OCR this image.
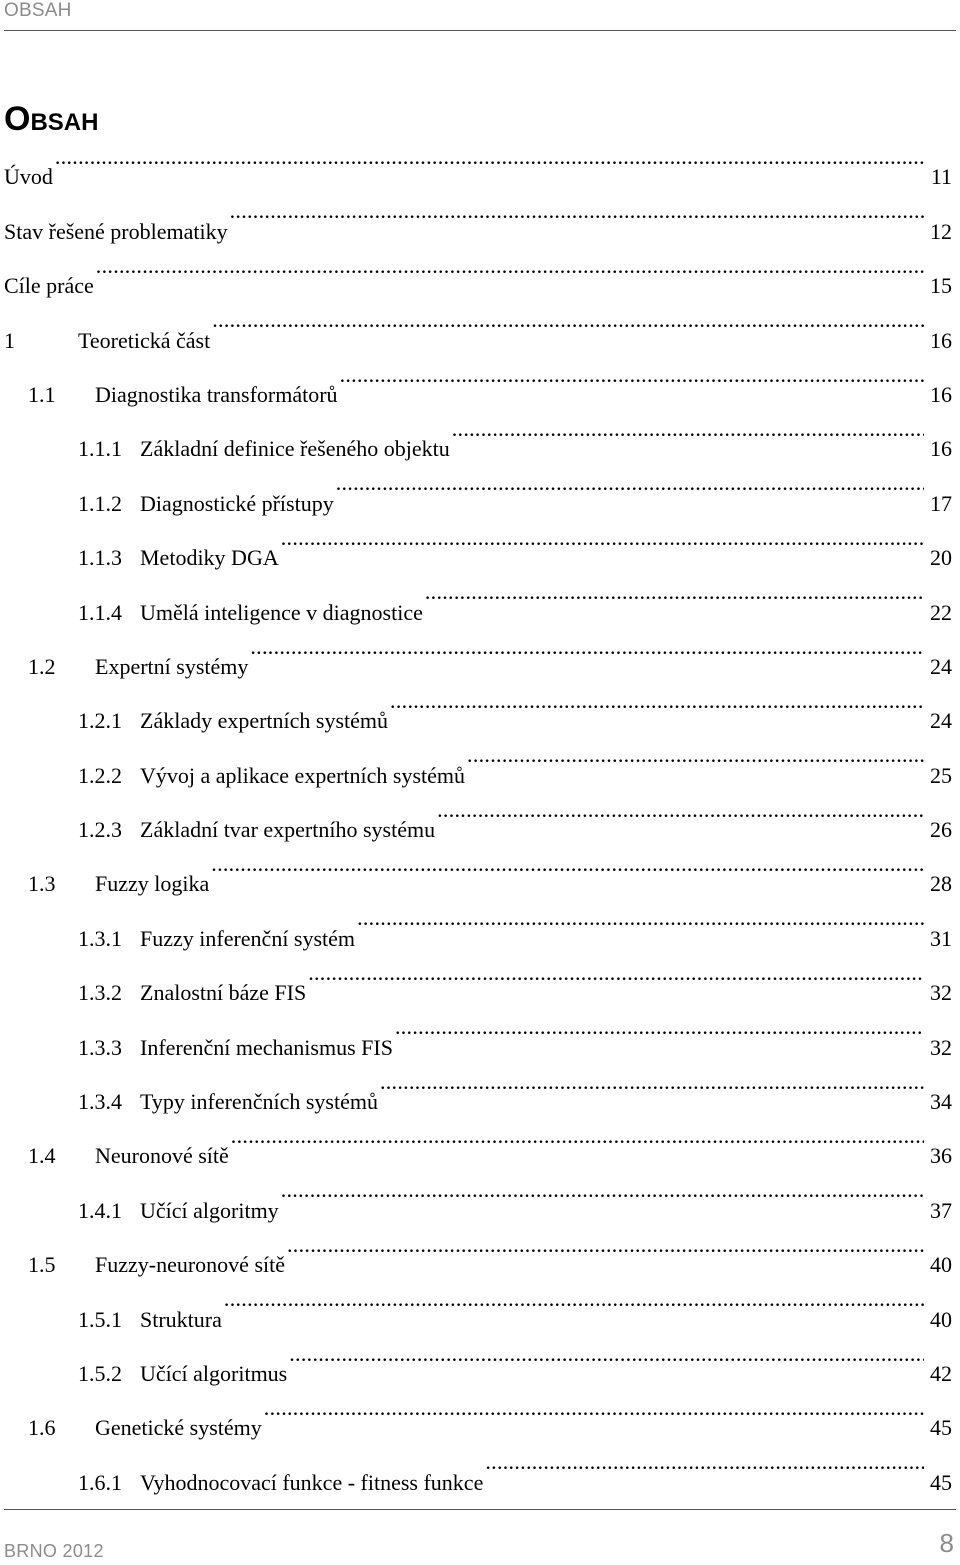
OBSAH
Obsah
Úvod . . .	11
Stav řešené problematiky . . .	12
Cíle práce . . .	15
1	Teoretická část . . .	16
1.1	Diagnostika transformátorů . . .	16
1.1.1 Základní definice řešeného objektu . . .	16
1.1.2 Diagnostické přístupy . . .	17
1.1.3 Metodiky DGA . . .	20
1.1.4 Umělá inteligence v diagnostice . . .	22
1.2	Expertní systémy . . .	24
1.2.1 Základy expertních systémů . . .	24
1.2.2 Vývoj a aplikace expertních systémů . . .	25
1.2.3 Základní tvar expertního systému . . .	26
1.3	Fuzzy logika . . .	28
1.3.1 Fuzzy inferenční systém . . .	31
1.3.2 Znalostní báze FIS . . .	32
1.3.3 Inferenční mechanismus FIS . . .	32
1.3.4 Typy inferenčních systémů . . .	34
1.4	Neuronové sítě . . .	36
1.4.1 Učící algoritmy . . .	37
1.5	Fuzzy-neuronové sítě . . .	40
1.5.1 Struktura . . .	40
1.5.2 Učící algoritmus . . .	42
1.6	Genetické systémy . . .	45
1.6.1 Vyhodnocovací funkce - fitness funkce . . .	45
BRNO 2012	8
